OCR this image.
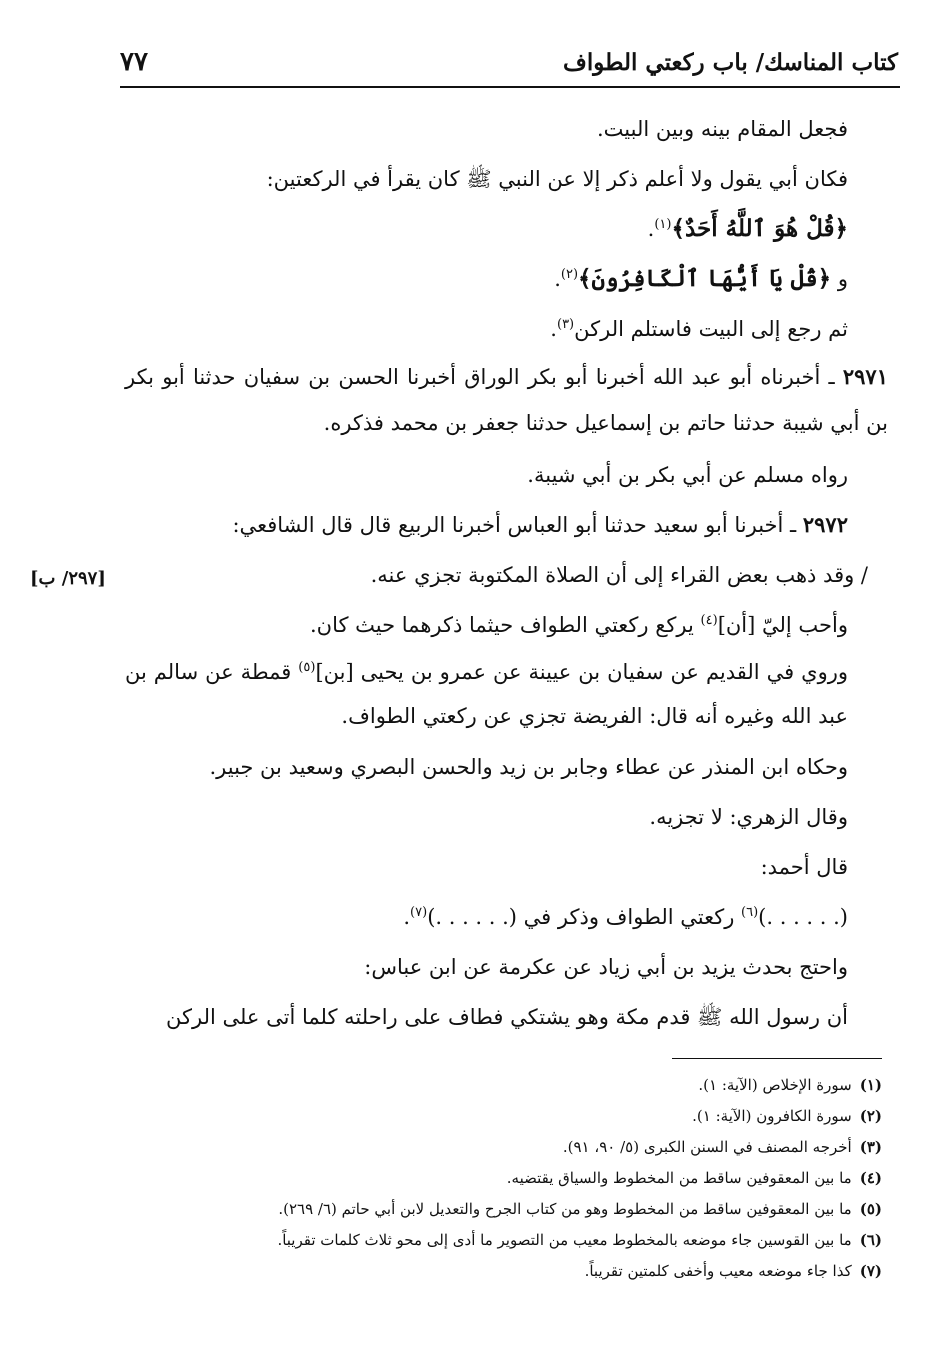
كتاب المناسك/ باب ركعتي الطواف
٧٧

فجعل المقام بينه وبين البيت.

فكان أبي يقول ولا أعلم ذكر إلا عن النبي ﷺ كان يقرأ في الركعتين:

﴿قُلْ هُوَ ٱللَّهُ أَحَدٌ﴾$^{(١)}$.

و ﴿قُلْ يَا أَيُّهَا ٱلْكَافِرُونَ﴾$^{(٢)}$.

ثم رجع إلى البيت فاستلم الركن$^{(٣)}$.

٢٩٧١ ـ أخبرناه أبو عبد الله أخبرنا أبو بكر الوراق أخبرنا الحسن بن سفيان حدثنا أبو بكر بن أبي شيبة حدثنا حاتم بن إسماعيل حدثنا جعفر بن محمد فذكره.

رواه مسلم عن أبي بكر بن أبي شيبة.

٢٩٧٢ ـ أخبرنا أبو سعيد حدثنا أبو العباس أخبرنا الربيع قال قال الشافعي:

/ وقد ذهب بعض القراء إلى أن الصلاة المكتوبة تجزي عنه.

وأحب إليّ [أن]$^{(٤)}$ يركع ركعتي الطواف حيثما ذكرهما حيث كان.

وروي في القديم عن سفيان بن عيينة عن عمرو بن يحيى [بن]$^{(٥)}$ قمطة عن سالم بن عبد الله وغيره أنه قال: الفريضة تجزي عن ركعتي الطواف.

وحكاه ابن المنذر عن عطاء وجابر بن زيد والحسن البصري وسعيد بن جبير.

وقال الزهري: لا تجزيه.

قال أحمد:

(. . . . . .)$^{(٦)}$ ركعتي الطواف وذكر في (. . . . . .)$^{(٧)}$.

واحتج بحدث يزيد بن أبي زياد عن عكرمة عن ابن عباس:

أن رسول الله ﷺ قدم مكة وهو يشتكي فطاف على راحلته كلما أتى على الركن

[٢٩٧/ ب]
(١)سورة الإخلاص (الآية: ١).
(٢)سورة الكافرون (الآية: ١).
(٣)أخرجه المصنف في السنن الكبرى (٥/ ٩٠، ٩١).
(٤)ما بين المعقوفين ساقط من المخطوط والسياق يقتضيه.
(٥)ما بين المعقوفين ساقط من المخطوط وهو من كتاب الجرح والتعديل لابن أبي حاتم (٦/ ٢٦٩).
(٦)ما بين القوسين جاء موضعه بالمخطوط معيب من التصوير ما أدى إلى محو ثلاث كلمات تقريباً.
(٧)كذا جاء موضعه معيب وأخفى كلمتين تقريباً.
